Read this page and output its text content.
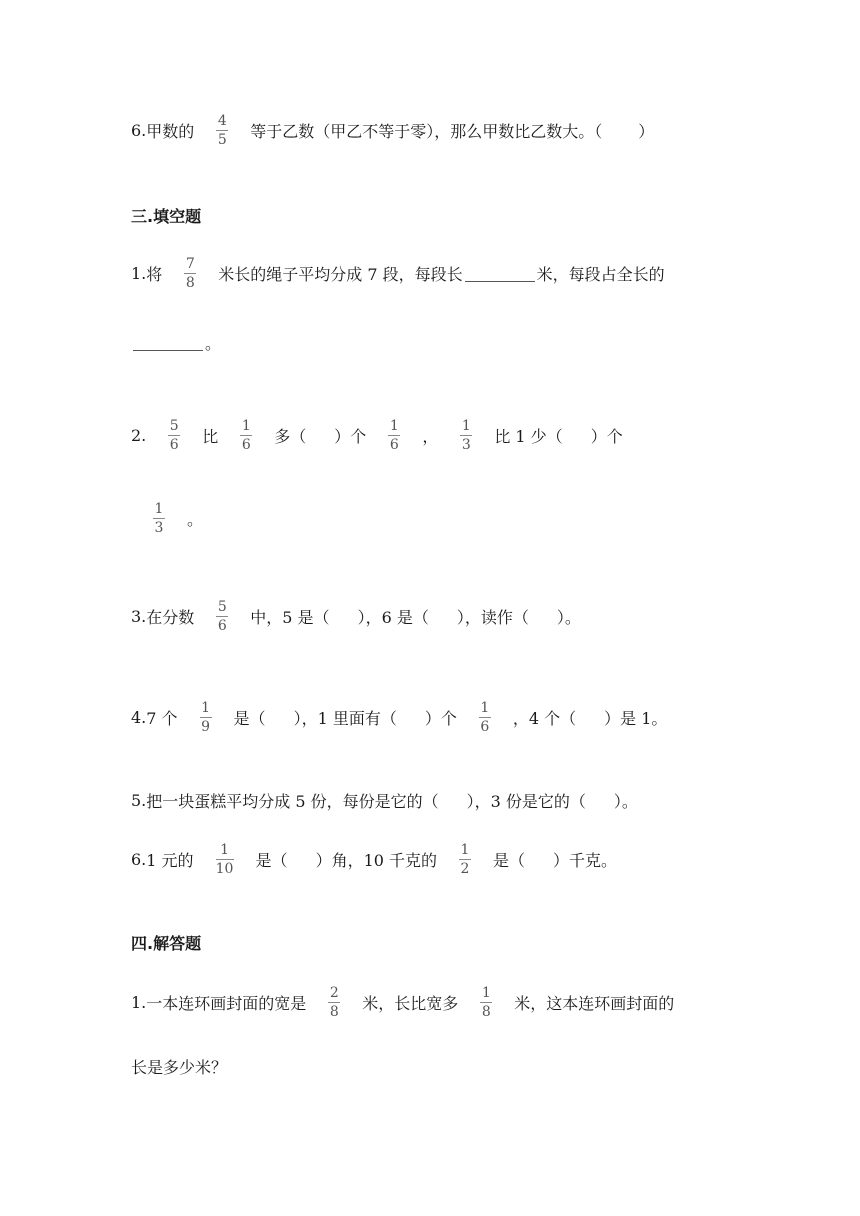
6. 甲数的 $\frac{4}{5}$ 等于乙数（甲乙不等于零），那么甲数比乙数大。（ ）
三.填空题
1. 将 $\frac{7}{8}$ 米长的绳子平均分成 7 段，每段长	米，每段占全长的
。
2. $\frac{5}{6}$ 比 $\frac{1}{6}$ 多（ ）个 $\frac{1}{6}$ ， $\frac{1}{3}$ 比 1 少（ ）个
$\frac{1}{3}$ 。
3. 在分数 $\frac{5}{6}$ 中，5 是（ ），6 是（ ），读作（ ）。
4. 7 个 $\frac{1}{9}$ 是（ ），1 里面有（ ）个 $\frac{1}{6}$ ，4 个（ ）是 1。
5. 把一块蛋糕平均分成 5 份，每份是它的（ ），3 份是它的（ ）。
6. 1 元的 $\frac{1}{10}$ 是（ ）角，10 千克的 $\frac{1}{2}$ 是（ ）千克。
四.解答题
1. 一本连环画封面的宽是 $\frac{2}{8}$ 米，长比宽多 $\frac{1}{8}$ 米，这本连环画封面的
长是多少米？
